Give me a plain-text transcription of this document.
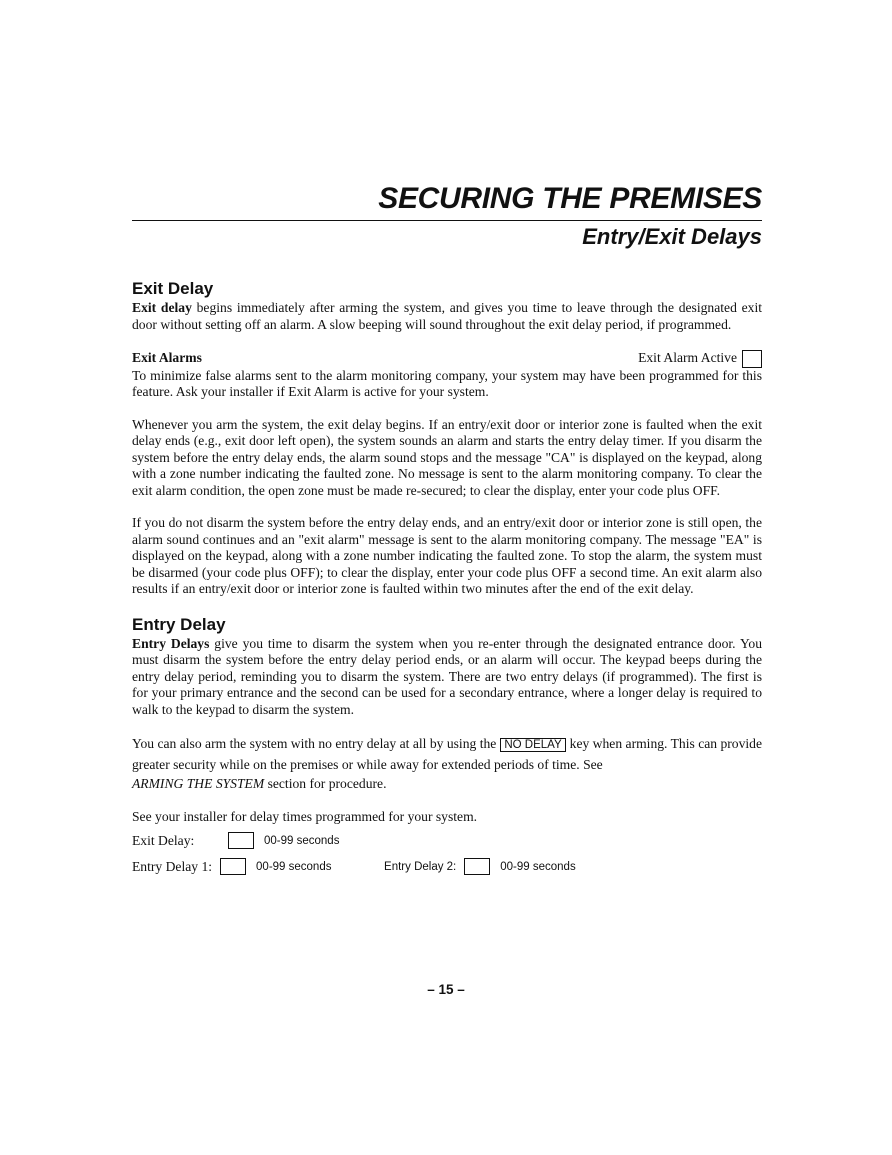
SECURING THE PREMISES
Entry/Exit Delays
Exit Delay

Exit delay begins immediately after arming the system, and gives you time to leave through the designated exit door without setting off an alarm. A slow beeping will sound throughout the exit delay period, if programmed.

Exit Alarms	Exit Alarm Active

To minimize false alarms sent to the alarm monitoring company, your system may have been programmed for this feature. Ask your installer if Exit Alarm is active for your system.

Whenever you arm the system, the exit delay begins. If an entry/exit door or interior zone is faulted when the exit delay ends (e.g., exit door left open), the system sounds an alarm and starts the entry delay timer. If you disarm the system before the entry delay ends, the alarm sound stops and the message "CA" is displayed on the keypad, along with a zone number indicating the faulted zone. No message is sent to the alarm monitoring company. To clear the exit alarm condition, the open zone must be made re-secured; to clear the display, enter your code plus OFF.

If you do not disarm the system before the entry delay ends, and an entry/exit door or interior zone is still open, the alarm sound continues and an "exit alarm" message is sent to the alarm monitoring company. The message "EA" is displayed on the keypad, along with a zone number indicating the faulted zone. To stop the alarm, the system must be disarmed (your code plus OFF); to clear the display, enter your code plus OFF a second time. An exit alarm also results if an entry/exit door or interior zone is faulted within two minutes after the end of the exit delay.

Entry Delay

Entry Delays give you time to disarm the system when you re-enter through the designated entrance door. You must disarm the system before the entry delay period ends, or an alarm will occur. The keypad beeps during the entry delay period, reminding you to disarm the system. There are two entry delays (if programmed). The first is for your primary entrance and the second can be used for a secondary entrance, where a longer delay is required to walk to the keypad to disarm the system.

You can also arm the system with no entry delay at all by using the NO DELAY key when arming. This can provide greater security while on the premises or while away for extended periods of time. See
ARMING THE SYSTEM section for procedure.

See your installer for delay times programmed for your system.

Exit Delay:	00-99 seconds
Entry Delay 1:	00-99 seconds	Entry Delay 2:	00-99 seconds
– 15 –
